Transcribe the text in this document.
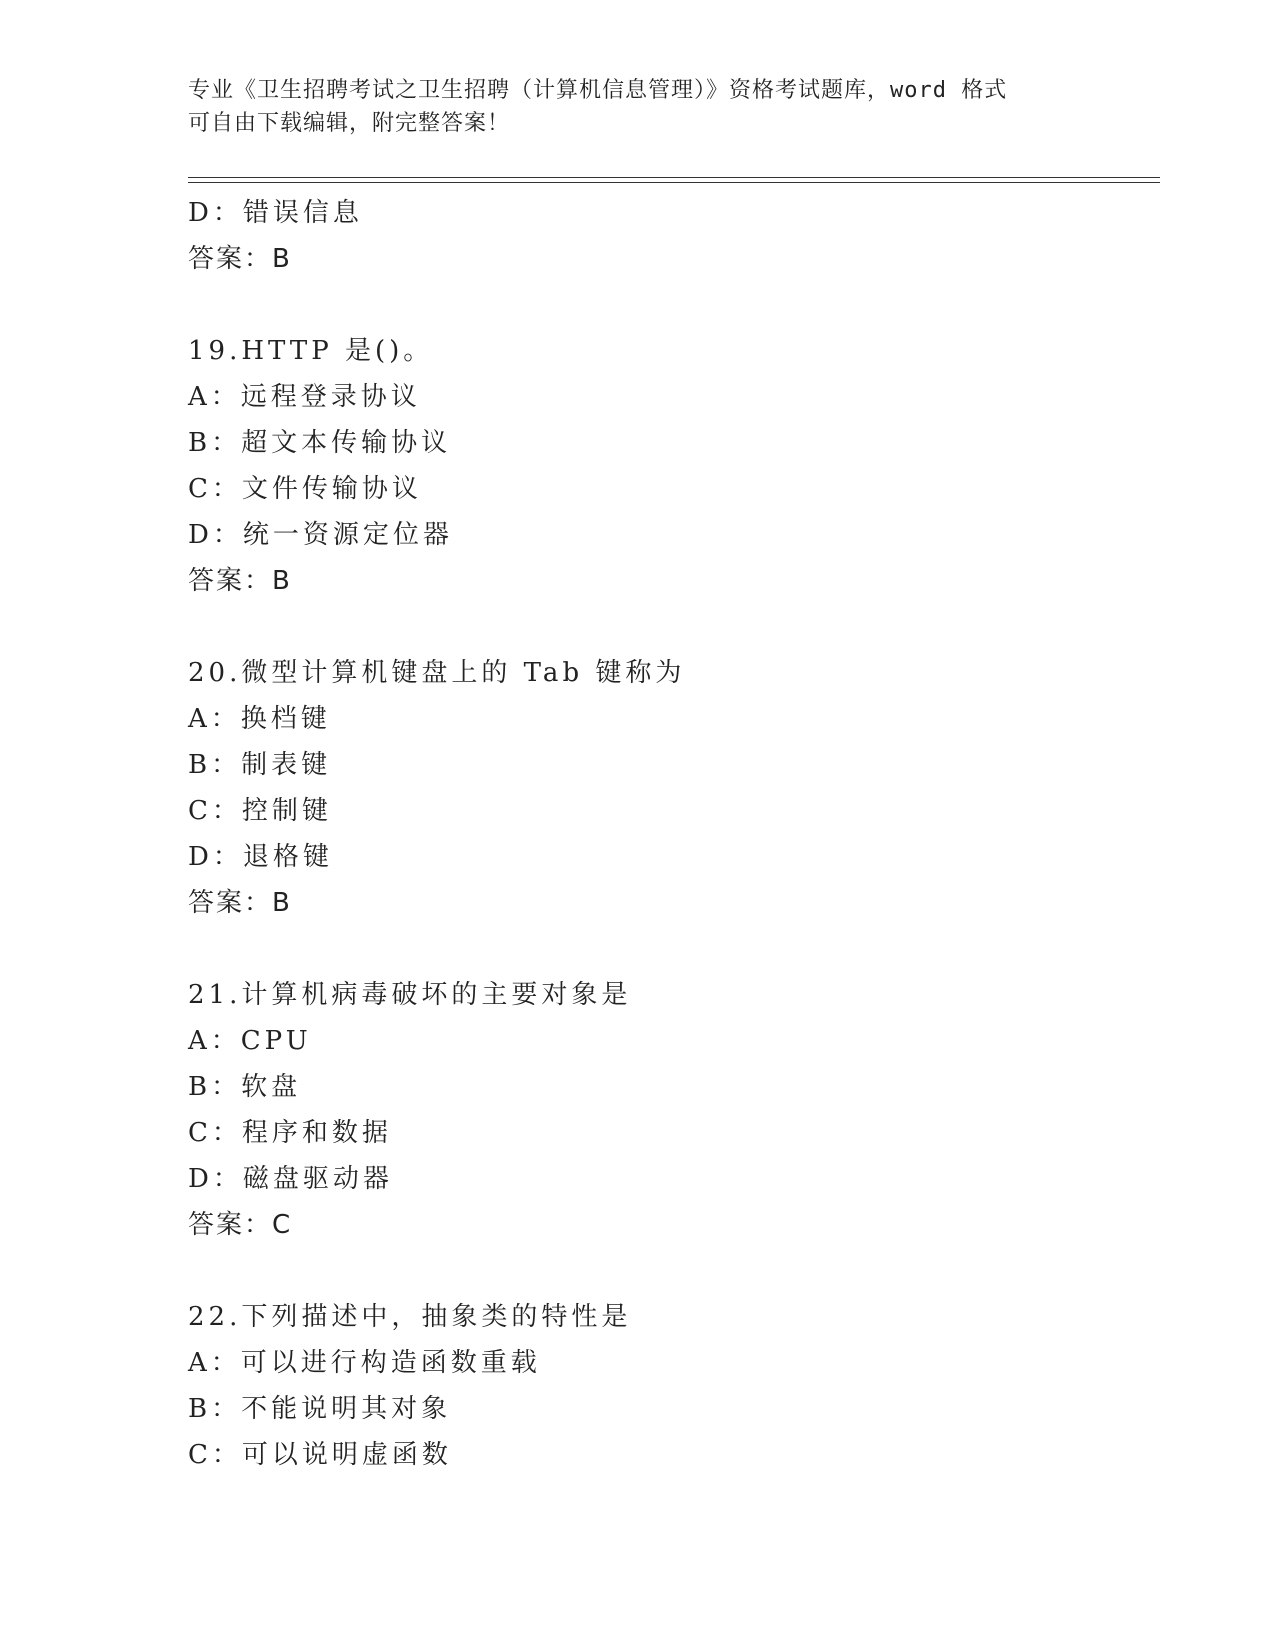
专业《卫生招聘考试之卫生招聘（计算机信息管理）》资格考试题库，word 格式
可自由下载编辑，附完整答案！
D：错误信息
答案：B
19.HTTP 是()。
A：远程登录协议
B：超文本传输协议
C：文件传输协议
D：统一资源定位器
答案：B
20.微型计算机键盘上的 Tab 键称为
A：换档键
B：制表键
C：控制键
D：退格键
答案：B
21.计算机病毒破坏的主要对象是
A：CPU
B：软盘
C：程序和数据
D：磁盘驱动器
答案：C
22.下列描述中，抽象类的特性是
A：可以进行构造函数重载
B：不能说明其对象
C：可以说明虚函数
